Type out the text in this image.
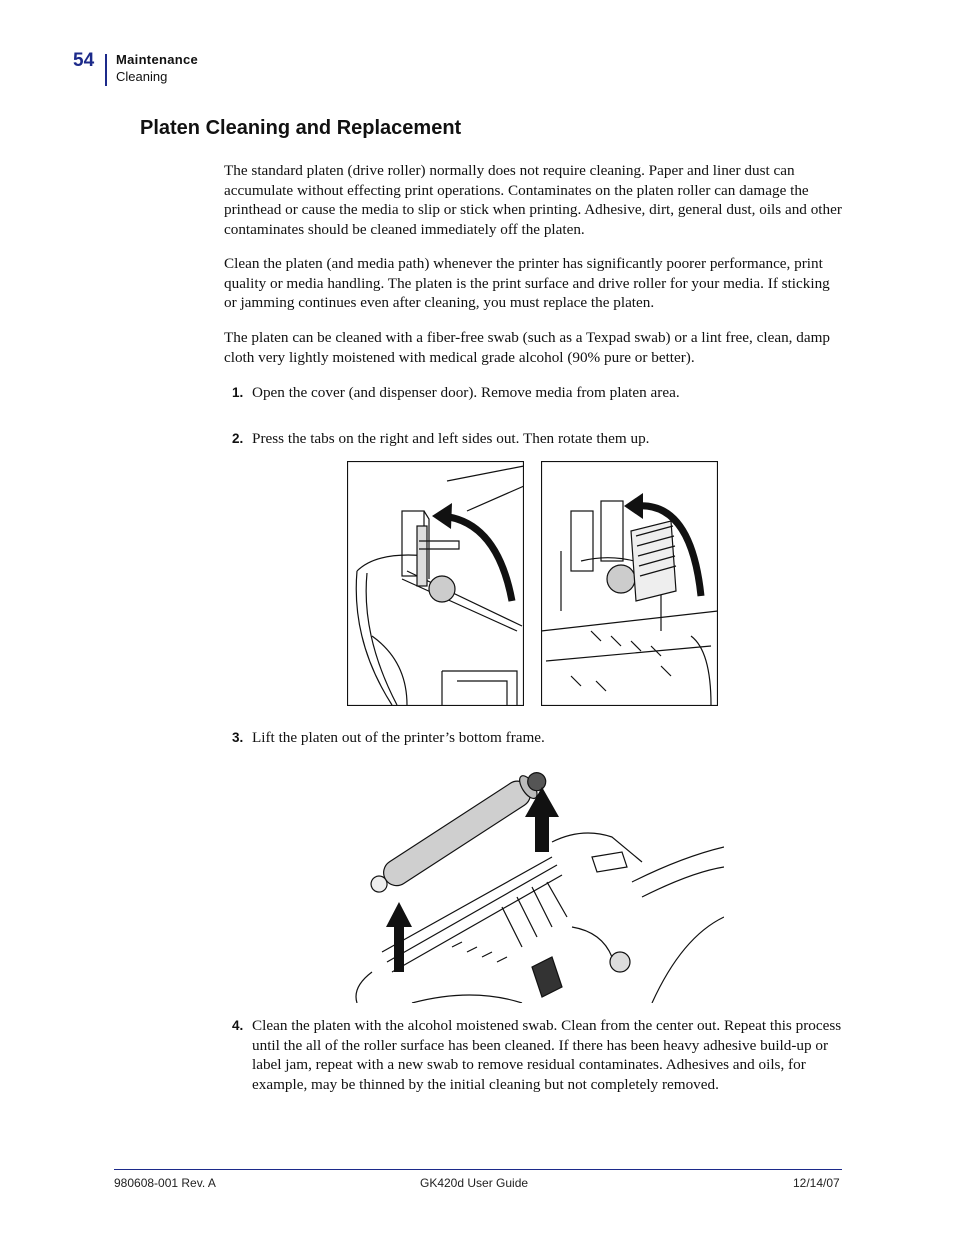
54 Maintenance
Cleaning
Platen Cleaning and Replacement

The standard platen (drive roller) normally does not require cleaning. Paper and liner dust can accumulate without effecting print operations. Contaminates on the platen roller can damage the printhead or cause the media to slip or stick when printing. Adhesive, dirt, general dust, oils and other contaminates should be cleaned immediately off the platen.

Clean the platen (and media path) whenever the printer has significantly poorer performance, print quality or media handling. The platen is the print surface and drive roller for your media. If sticking or jamming continues even after cleaning, you must replace the platen.

The platen can be cleaned with a fiber-free swab (such as a Texpad swab) or a lint free, clean, damp cloth very lightly moistened with medical grade alcohol (90% pure or better).

1. Open the cover (and dispenser door). Remove media from platen area.
2. Press the tabs on the right and left sides out. Then rotate them up.
3. Lift the platen out of the printer’s bottom frame.
4. Clean the platen with the alcohol moistened swab. Clean from the center out. Repeat this process until the all of the roller surface has been cleaned. If there has been heavy adhesive build-up or label jam, repeat with a new swab to remove residual contaminates. Adhesives and oils, for example, may be thinned by the initial cleaning but not completely removed.
980608-001 Rev. A	GK420d User Guide	12/14/07
